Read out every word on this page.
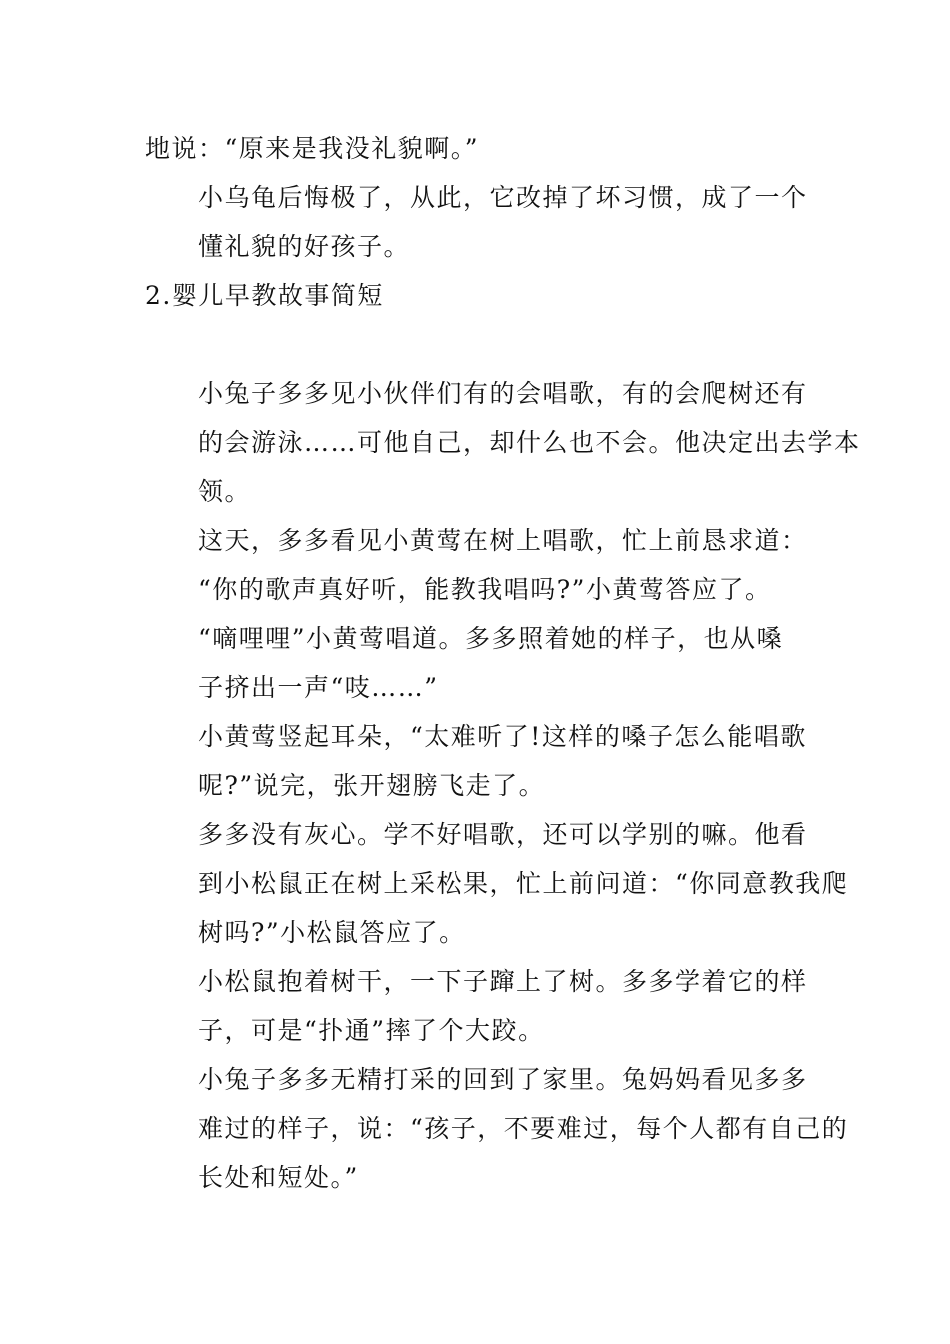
地说：“原来是我没礼貌啊。”

小乌龟后悔极了，从此，它改掉了坏习惯，成了一个
懂礼貌的好孩子。

2.婴儿早教故事简短

小兔子多多见小伙伴们有的会唱歌，有的会爬树还有
的会游泳……可他自己，却什么也不会。他决定出去学本
领。

这天，多多看见小黄莺在树上唱歌，忙上前恳求道：
“你的歌声真好听，能教我唱吗?”小黄莺答应了。

“嘀哩哩”小黄莺唱道。多多照着她的样子，也从嗓
子挤出一声“吱……”

小黄莺竖起耳朵，“太难听了!这样的嗓子怎么能唱歌
呢?”说完，张开翅膀飞走了。

多多没有灰心。学不好唱歌，还可以学别的嘛。他看
到小松鼠正在树上采松果，忙上前问道：“你同意教我爬
树吗?”小松鼠答应了。

小松鼠抱着树干，一下子蹿上了树。多多学着它的样
子，可是“扑通”摔了个大跤。

小兔子多多无精打采的回到了家里。兔妈妈看见多多
难过的样子，说：“孩子，不要难过，每个人都有自己的
长处和短处。”
